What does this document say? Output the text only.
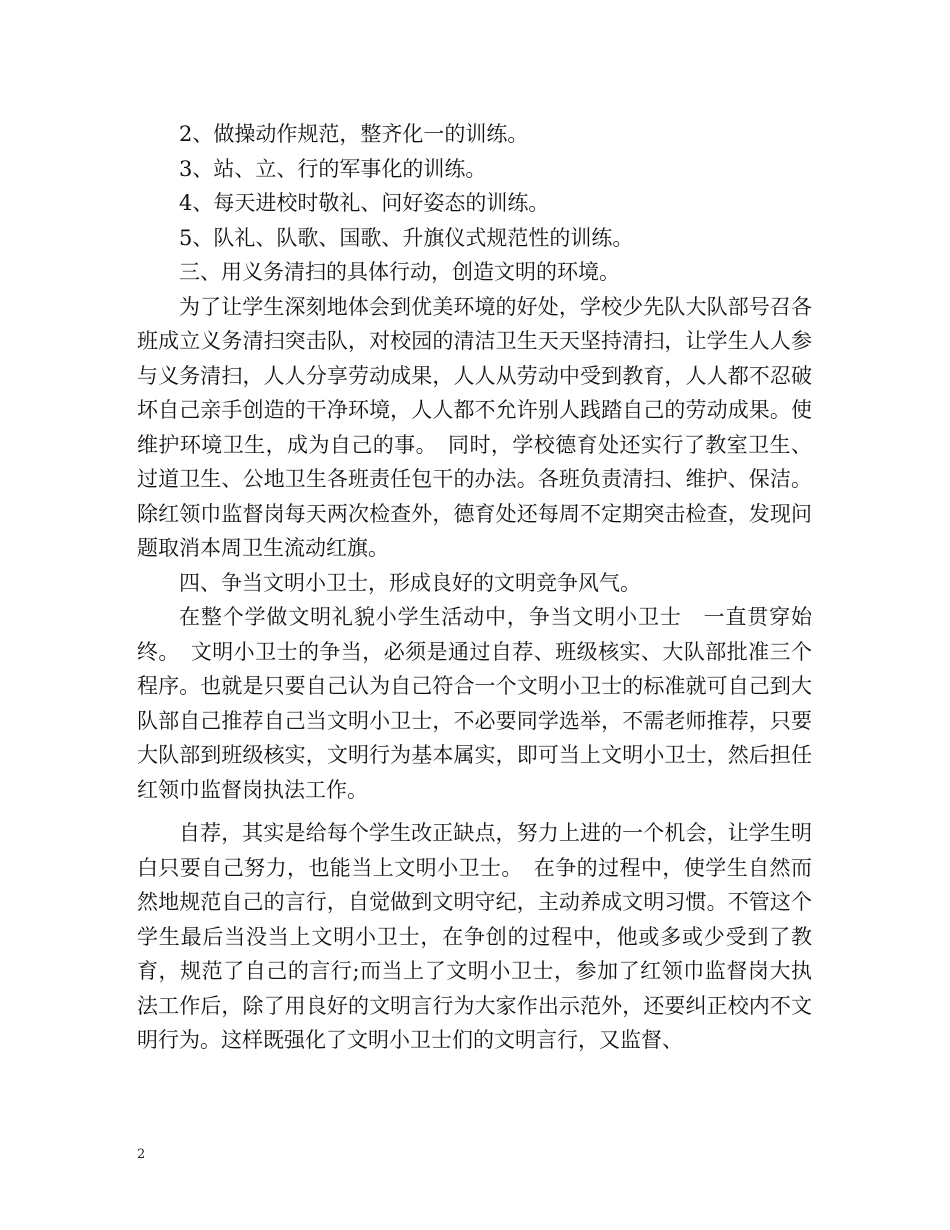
2、做操动作规范，整齐化一的训练。

3、站、立、行的军事化的训练。

4、每天进校时敬礼、问好姿态的训练。

5、队礼、队歌、国歌、升旗仪式规范性的训练。

三、用义务清扫的具体行动，创造文明的环境。

为了让学生深刻地体会到优美环境的好处，学校少先队大队部号召各班成立义务清扫突击队，对校园的清洁卫生天天坚持清扫，让学生人人参与义务清扫，人人分享劳动成果，人人从劳动中受到教育，人人都不忍破坏自己亲手创造的干净环境，人人都不允许别人践踏自己的劳动成果。使维护环境卫生，成为自己的事。　同时，学校德育处还实行了教室卫生、过道卫生、公地卫生各班责任包干的办法。各班负责清扫、维护、保洁。除红领巾监督岗每天两次检查外，德育处还每周不定期突击检查，发现问题取消本周卫生流动红旗。

四、争当文明小卫士，形成良好的文明竞争风气。

在整个学做文明礼貌小学生活动中，争当文明小卫士　一直贯穿始终。　文明小卫士的争当，必须是通过自荐、班级核实、大队部批准三个程序。也就是只要自己认为自己符合一个文明小卫士的标准就可自己到大队部自己推荐自己当文明小卫士，不必要同学选举，不需老师推荐，只要大队部到班级核实，文明行为基本属实，即可当上文明小卫士，然后担任红领巾监督岗执法工作。

自荐，其实是给每个学生改正缺点，努力上进的一个机会，让学生明白只要自己努力，也能当上文明小卫士。　在争的过程中，使学生自然而然地规范自己的言行，自觉做到文明守纪，主动养成文明习惯。不管这个学生最后当没当上文明小卫士，在争创的过程中，他或多或少受到了教育，规范了自己的言行;而当上了文明小卫士，参加了红领巾监督岗大执法工作后，除了用良好的文明言行为大家作出示范外，还要纠正校内不文明行为。这样既强化了文明小卫士们的文明言行，又监督、

2
